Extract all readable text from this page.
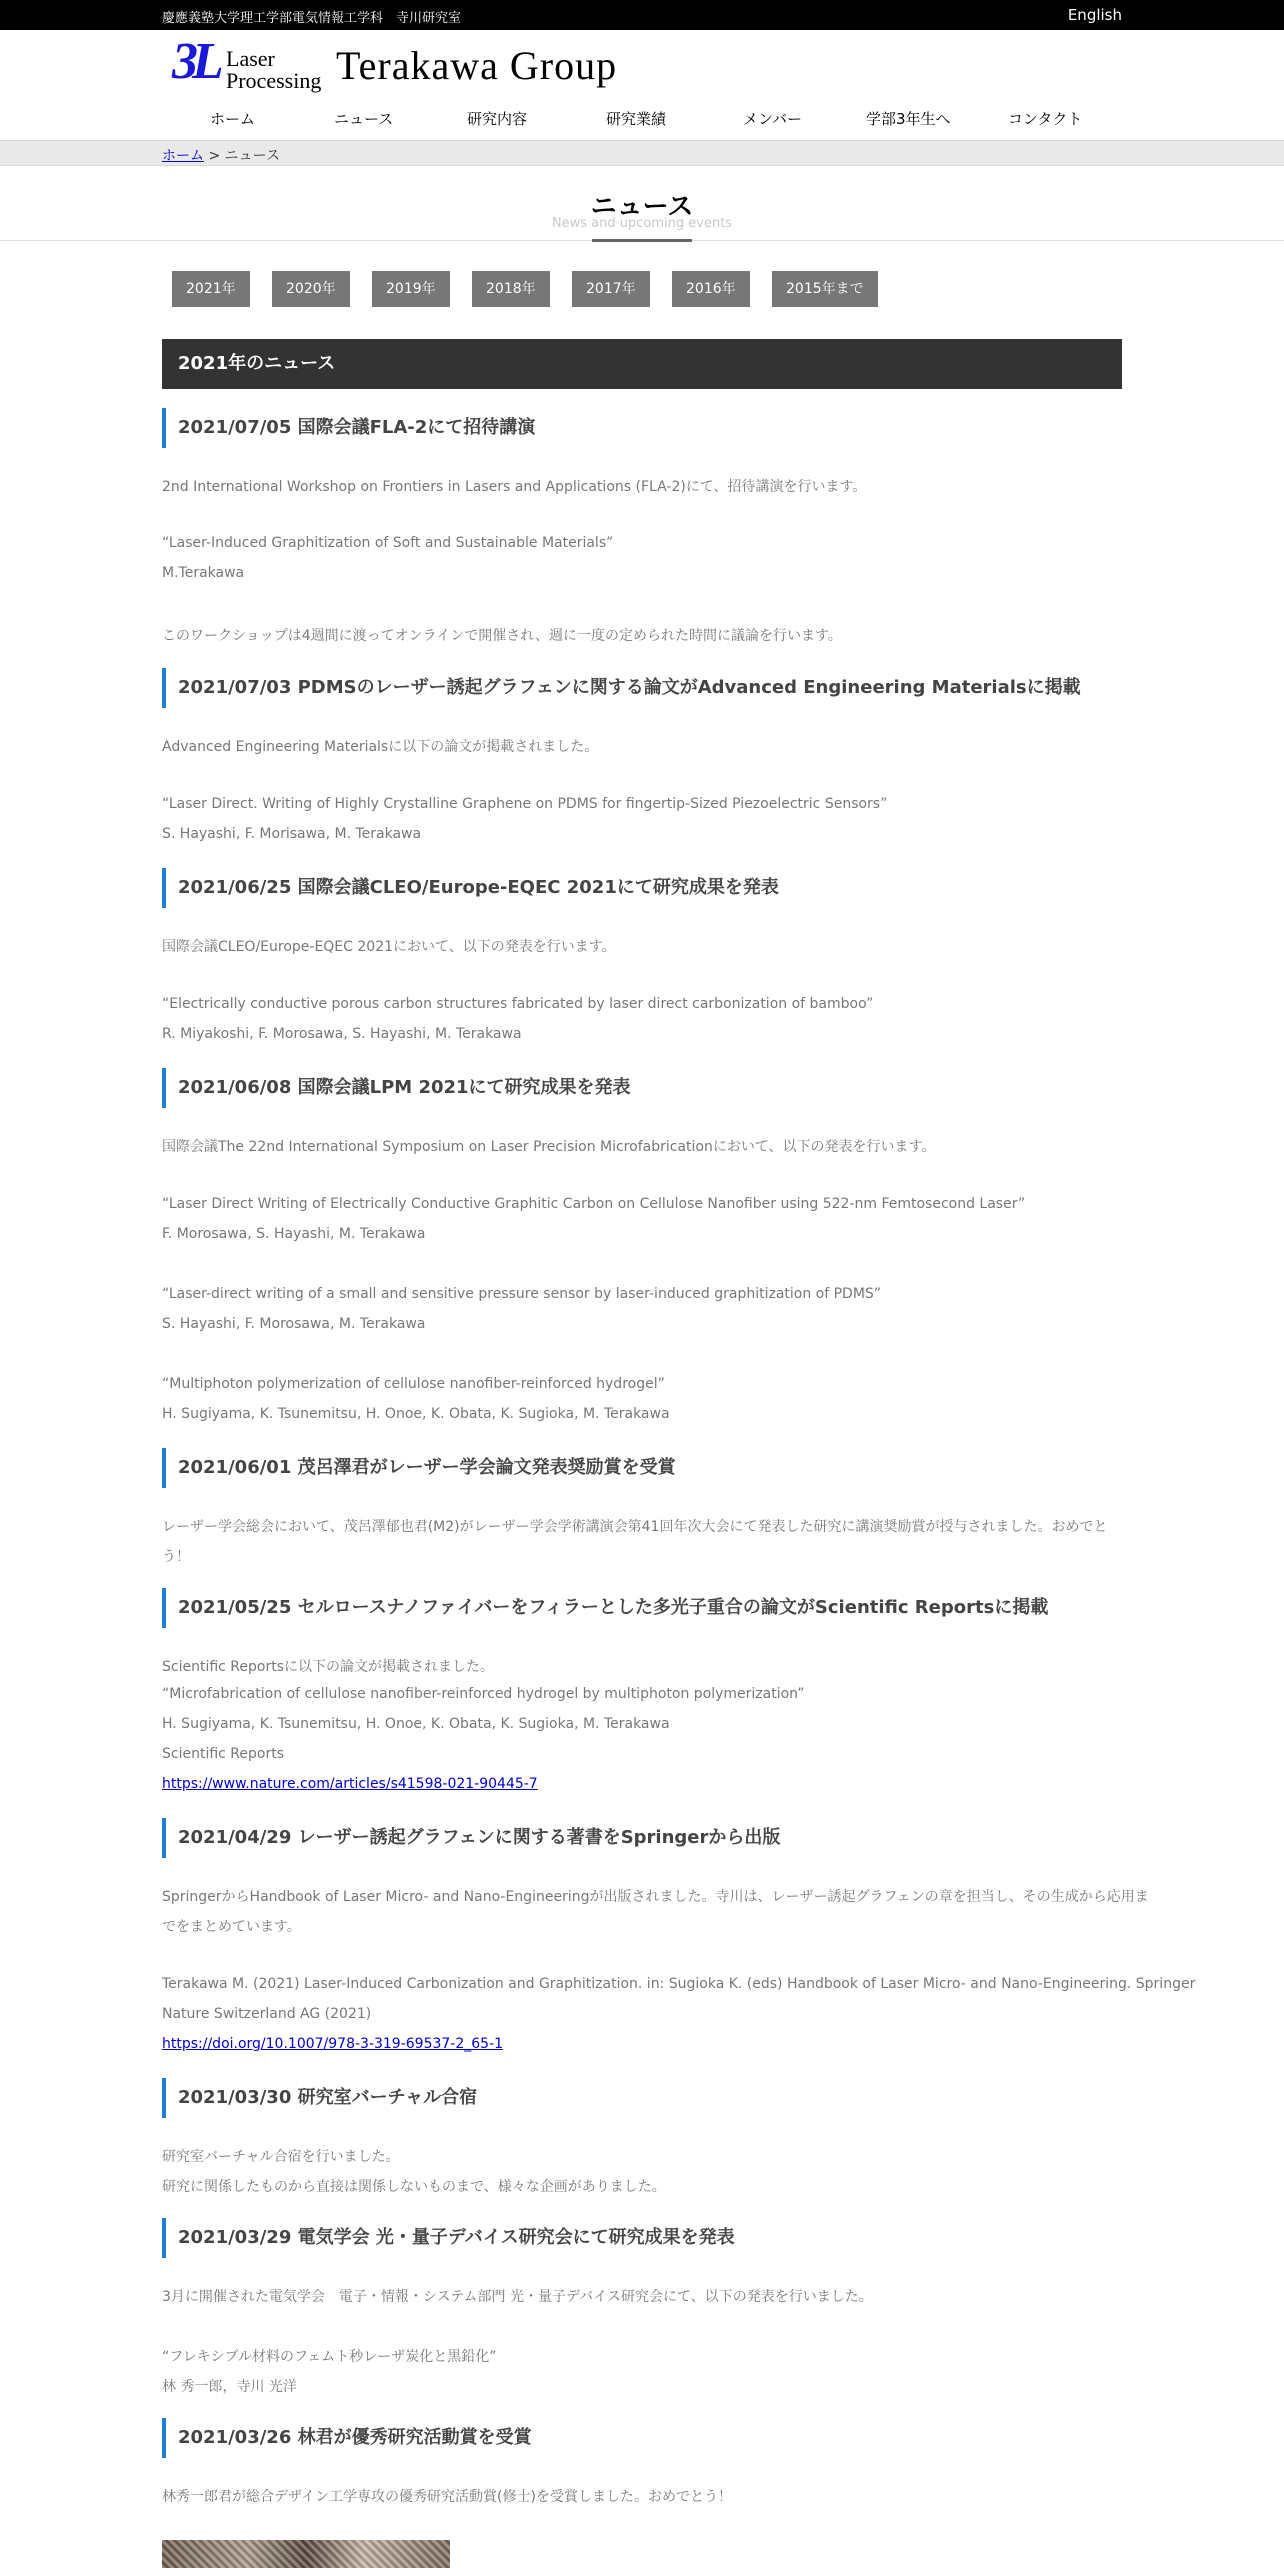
慶應義塾大学理工学部電気情報工学科　寺川研究室	English
3L Laser
Processing Terakawa Group
ホーム	ニュース	研究内容	研究業績	メンバー	学部3年生へ	コンタクト
ホーム > ニュース
ニュース
News and upcoming events
2021年	2020年	2019年	2018年	2017年	2016年	2015年まで
2021年のニュース
2021/07/05 国際会議FLA-2にて招待講演
2nd International Workshop on Frontiers in Lasers and Applications (FLA-2)にて、招待講演を行います。
“Laser-Induced Graphitization of Soft and Sustainable Materials”
M.Terakawa
このワークショップは4週間に渡ってオンラインで開催され、週に一度の定められた時間に議論を行います。
2021/07/03 PDMSのレーザー誘起グラフェンに関する論文がAdvanced Engineering Materialsに掲載
Advanced Engineering Materialsに以下の論文が掲載されました。
“Laser Direct. Writing of Highly Crystalline Graphene on PDMS for fingertip-Sized Piezoelectric Sensors”
S. Hayashi, F. Morisawa, M. Terakawa
2021/06/25 国際会議CLEO/Europe-EQEC 2021にて研究成果を発表
国際会議CLEO/Europe-EQEC 2021において、以下の発表を行います。
“Electrically conductive porous carbon structures fabricated by laser direct carbonization of bamboo”
R. Miyakoshi, F. Morosawa, S. Hayashi, M. Terakawa
2021/06/08 国際会議LPM 2021にて研究成果を発表
国際会議The 22nd International Symposium on Laser Precision Microfabricationにおいて、以下の発表を行います。
“Laser Direct Writing of Electrically Conductive Graphitic Carbon on Cellulose Nanofiber using 522-nm Femtosecond Laser”
F. Morosawa, S. Hayashi, M. Terakawa
“Laser-direct writing of a small and sensitive pressure sensor by laser-induced graphitization of PDMS”
S. Hayashi, F. Morosawa, M. Terakawa
“Multiphoton polymerization of cellulose nanofiber-reinforced hydrogel”
H. Sugiyama, K. Tsunemitsu, H. Onoe, K. Obata, K. Sugioka, M. Terakawa
2021/06/01 茂呂澤君がレーザー学会論文発表奨励賞を受賞
レーザー学会総会において、茂呂澤郁也君(M2)がレーザー学会学術講演会第41回年次大会にて発表した研究に講演奨励賞が授与されました。おめでと
う！
2021/05/25 セルロースナノファイバーをフィラーとした多光子重合の論文がScientific Reportsに掲載
Scientific Reportsに以下の論文が掲載されました。
“Microfabrication of cellulose nanofiber-reinforced hydrogel by multiphoton polymerization”
H. Sugiyama, K. Tsunemitsu, H. Onoe, K. Obata, K. Sugioka, M. Terakawa
Scientific Reports
https://www.nature.com/articles/s41598-021-90445-7
2021/04/29 レーザー誘起グラフェンに関する著書をSpringerから出版
SpringerからHandbook of Laser Micro- and Nano-Engineeringが出版されました。寺川は、レーザー誘起グラフェンの章を担当し、その生成から応用ま
でをまとめています。
Terakawa M. (2021) Laser-Induced Carbonization and Graphitization. in: Sugioka K. (eds) Handbook of Laser Micro- and Nano-Engineering. Springer
Nature Switzerland AG (2021)
https://doi.org/10.1007/978-3-319-69537-2_65-1
2021/03/30 研究室バーチャル合宿
研究室バーチャル合宿を行いました。
研究に関係したものから直接は関係しないものまで、様々な企画がありました。
2021/03/29 電気学会 光・量子デバイス研究会にて研究成果を発表
3月に開催された電気学会　電子・情報・システム部門 光・量子デバイス研究会にて、以下の発表を行いました。
“フレキシブル材料のフェムト秒レーザ炭化と黒鉛化”
林 秀一郎，寺川 光洋
2021/03/26 林君が優秀研究活動賞を受賞
林秀一郎君が総合デザイン工学専攻の優秀研究活動賞(修士)を受賞しました。おめでとう！
